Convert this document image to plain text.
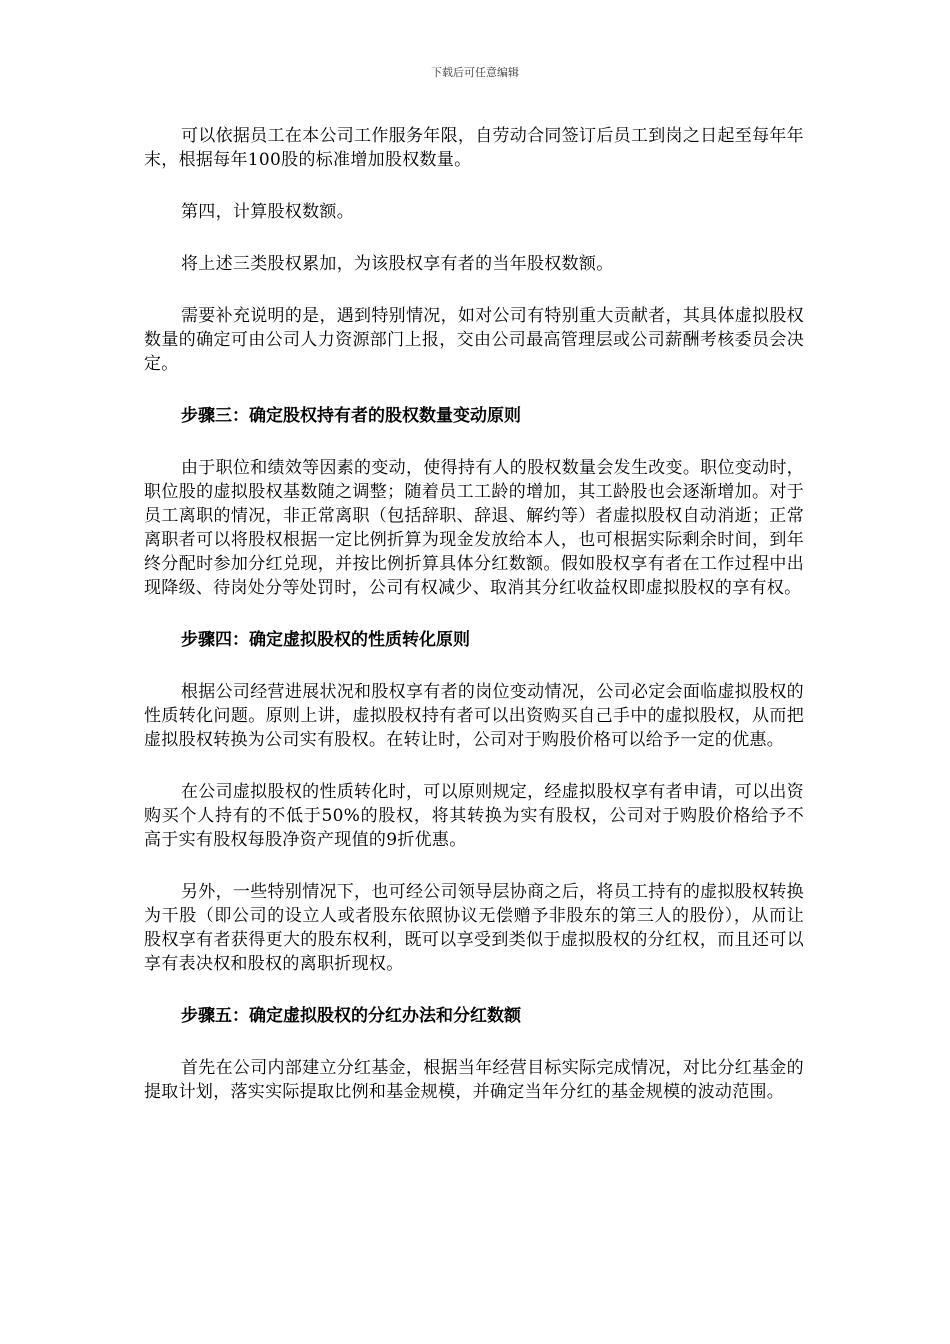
下载后可任意编辑

可以依据员工在本公司工作服务年限，自劳动合同签订后员工到岗之日起至每年年末，根据每年100股的标准增加股权数量。

第四，计算股权数额。

将上述三类股权累加，为该股权享有者的当年股权数额。

需要补充说明的是，遇到特别情况，如对公司有特别重大贡献者，其具体虚拟股权数量的确定可由公司人力资源部门上报，交由公司最高管理层或公司薪酬考核委员会决定。

步骤三：确定股权持有者的股权数量变动原则

由于职位和绩效等因素的变动，使得持有人的股权数量会发生改变。职位变动时，职位股的虚拟股权基数随之调整；随着员工工龄的增加，其工龄股也会逐渐增加。对于员工离职的情况，非正常离职（包括辞职、辞退、解约等）者虚拟股权自动消逝；正常离职者可以将股权根据一定比例折算为现金发放给本人，也可根据实际剩余时间，到年终分配时参加分红兑现，并按比例折算具体分红数额。假如股权享有者在工作过程中出现降级、待岗处分等处罚时，公司有权减少、取消其分红收益权即虚拟股权的享有权。

步骤四：确定虚拟股权的性质转化原则

根据公司经营进展状况和股权享有者的岗位变动情况，公司必定会面临虚拟股权的性质转化问题。原则上讲，虚拟股权持有者可以出资购买自己手中的虚拟股权，从而把虚拟股权转换为公司实有股权。在转让时，公司对于购股价格可以给予一定的优惠。

在公司虚拟股权的性质转化时，可以原则规定，经虚拟股权享有者申请，可以出资购买个人持有的不低于50%的股权，将其转换为实有股权，公司对于购股价格给予不高于实有股权每股净资产现值的9折优惠。

另外，一些特别情况下，也可经公司领导层协商之后，将员工持有的虚拟股权转换为干股（即公司的设立人或者股东依照协议无偿赠予非股东的第三人的股份），从而让股权享有者获得更大的股东权利，既可以享受到类似于虚拟股权的分红权，而且还可以享有表决权和股权的离职折现权。

步骤五：确定虚拟股权的分红办法和分红数额

首先在公司内部建立分红基金，根据当年经营目标实际完成情况，对比分红基金的提取计划，落实实际提取比例和基金规模，并确定当年分红的基金规模的波动范围。
